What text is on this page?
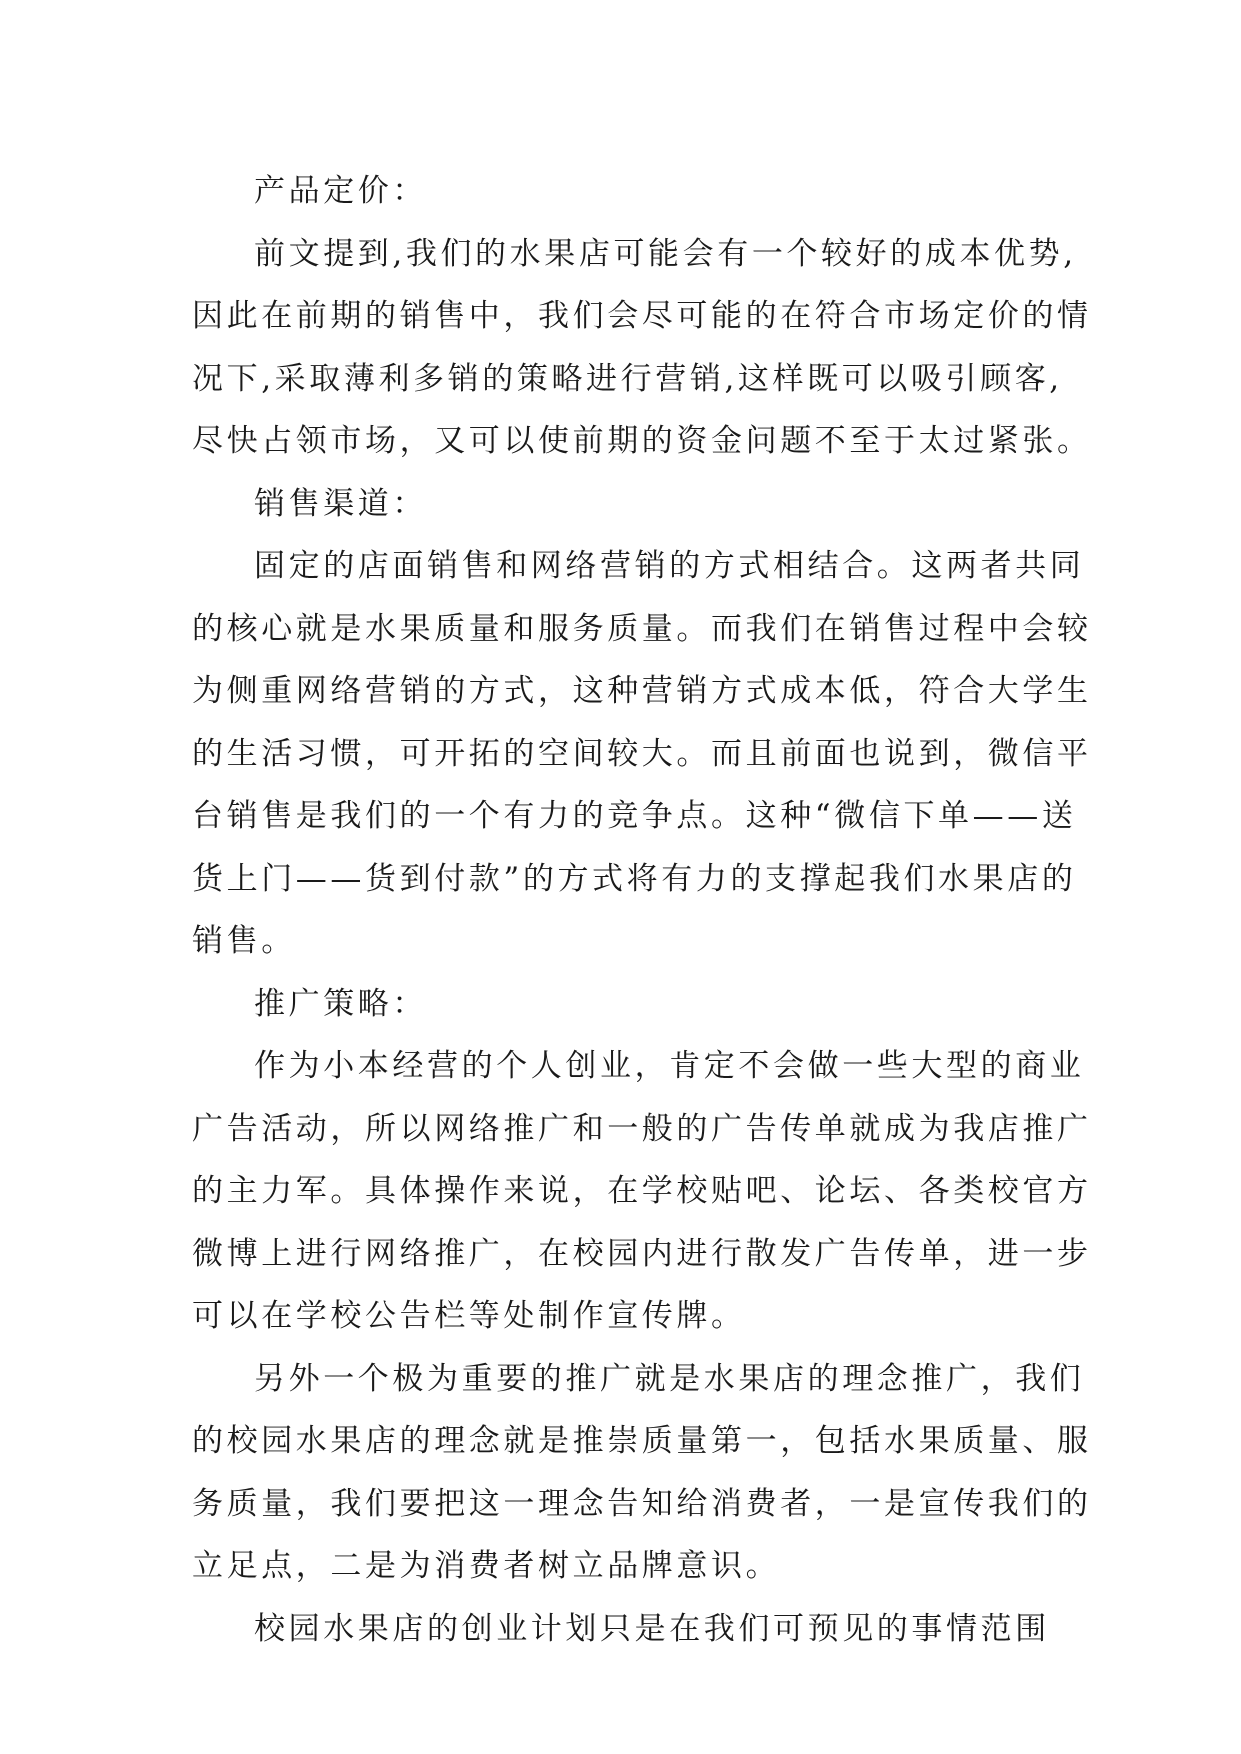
产品定价：
前文提到,我们的水果店可能会有一个较好的成本优势,
因此在前期的销售中，我们会尽可能的在符合市场定价的情
况下,采取薄利多销的策略进行营销,这样既可以吸引顾客,
尽快占领市场，又可以使前期的资金问题不至于太过紧张。
销售渠道：
固定的店面销售和网络营销的方式相结合。这两者共同
的核心就是水果质量和服务质量。而我们在销售过程中会较
为侧重网络营销的方式，这种营销方式成本低，符合大学生
的生活习惯，可开拓的空间较大。而且前面也说到，微信平
台销售是我们的一个有力的竞争点。这种“微信下单——送
货上门——货到付款”的方式将有力的支撑起我们水果店的
销售。
推广策略：
作为小本经营的个人创业，肯定不会做一些大型的商业
广告活动，所以网络推广和一般的广告传单就成为我店推广
的主力军。具体操作来说，在学校贴吧、论坛、各类校官方
微博上进行网络推广，在校园内进行散发广告传单，进一步
可以在学校公告栏等处制作宣传牌。
另外一个极为重要的推广就是水果店的理念推广，我们
的校园水果店的理念就是推崇质量第一，包括水果质量、服
务质量，我们要把这一理念告知给消费者，一是宣传我们的
立足点，二是为消费者树立品牌意识。
校园水果店的创业计划只是在我们可预见的事情范围
